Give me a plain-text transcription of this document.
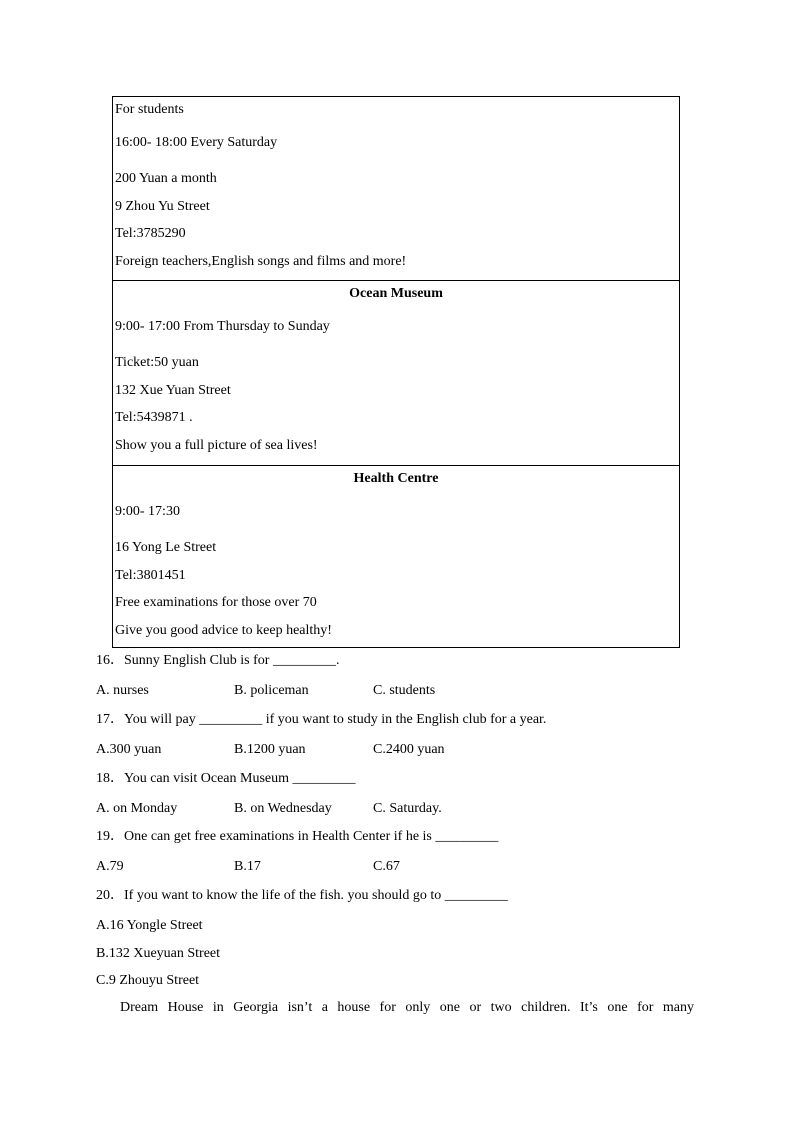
For students
16:00- 18:00 Every Saturday
200 Yuan a month
9 Zhou Yu Street
Tel:3785290
Foreign teachers,English songs and films and more!
Ocean Museum
9:00- 17:00 From Thursday to Sunday
Ticket:50 yuan
132 Xue Yuan Street
Tel:5439871 .
Show you a full picture of sea lives!
Health Centre
9:00- 17:30
16 Yong Le Street
Tel:3801451
Free examinations for those over 70
Give you good advice to keep healthy!
16．Sunny English Club is for _________.
A. nurses	B. policeman	C. students
17．You will pay _________ if you want to study in the English club for a year.
A.300 yuan	B.1200 yuan	C.2400 yuan
18．You can visit Ocean Museum _________
A. on Monday	B. on Wednesday	C. Saturday.
19．One can get free examinations in Health Center if he is _________
A.79	B.17	C.67
20．If you want to know the life of the fish. you should go to _________
A.16 Yongle Street
B.132 Xueyuan Street
C.9 Zhouyu Street
Dream House in Georgia isn’t a house for only one or two children. It’s one for many
